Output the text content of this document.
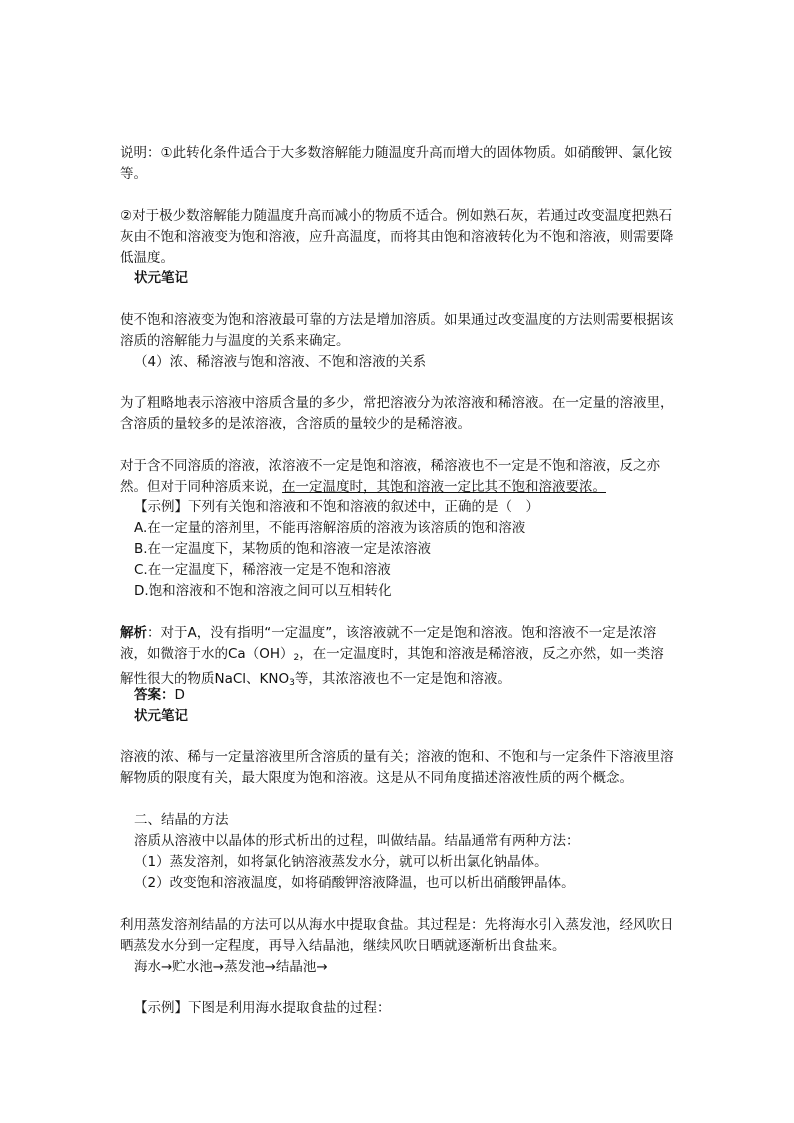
说明：①此转化条件适合于大多数溶解能力随温度升高而增大的固体物质。如硝酸钾、氯化铵等。
②对于极少数溶解能力随温度升高而减小的物质不适合。例如熟石灰，若通过改变温度把熟石灰由不饱和溶液变为饱和溶液，应升高温度，而将其由饱和溶液转化为不饱和溶液，则需要降低温度。
状元笔记
使不饱和溶液变为饱和溶液最可靠的方法是增加溶质。如果通过改变温度的方法则需要根据该溶质的溶解能力与温度的关系来确定。
（4）浓、稀溶液与饱和溶液、不饱和溶液的关系
为了粗略地表示溶液中溶质含量的多少，常把溶液分为浓溶液和稀溶液。在一定量的溶液里，含溶质的量较多的是浓溶液，含溶质的量较少的是稀溶液。
对于含不同溶质的溶液，浓溶液不一定是饱和溶液，稀溶液也不一定是不饱和溶液，反之亦然。但对于同种溶质来说，在一定温度时，其饱和溶液一定比其不饱和溶液要浓。
【示例】下列有关饱和溶液和不饱和溶液的叙述中，正确的是（　）
A.在一定量的溶剂里，不能再溶解溶质的溶液为该溶质的饱和溶液
B.在一定温度下，某物质的饱和溶液一定是浓溶液
C.在一定温度下，稀溶液一定是不饱和溶液
D.饱和溶液和不饱和溶液之间可以互相转化
解析：对于A，没有指明“一定温度”，该溶液就不一定是饱和溶液。饱和溶液不一定是浓溶液，如微溶于水的$Ca(OH)_2$，在一定温度时，其饱和溶液是稀溶液，反之亦然，如一类溶解性很大的物质NaCl、$KNO_3$等，其浓溶液也不一定是饱和溶液。
答案：D
状元笔记
溶液的浓、稀与一定量溶液里所含溶质的量有关；溶液的饱和、不饱和与一定条件下溶液里溶解物质的限度有关，最大限度为饱和溶液。这是从不同角度描述溶液性质的两个概念。
二、结晶的方法
溶质从溶液中以晶体的形式析出的过程，叫做结晶。结晶通常有两种方法：
（1）蒸发溶剂，如将氯化钠溶液蒸发水分，就可以析出氯化钠晶体。
（2）改变饱和溶液温度，如将硝酸钾溶液降温，也可以析出硝酸钾晶体。
利用蒸发溶剂结晶的方法可以从海水中提取食盐。其过程是：先将海水引入蒸发池，经风吹日晒蒸发水分到一定程度，再导入结晶池，继续风吹日晒就逐渐析出食盐来。
海水→贮水池→蒸发池→结晶池→
【示例】下图是利用海水提取食盐的过程：
